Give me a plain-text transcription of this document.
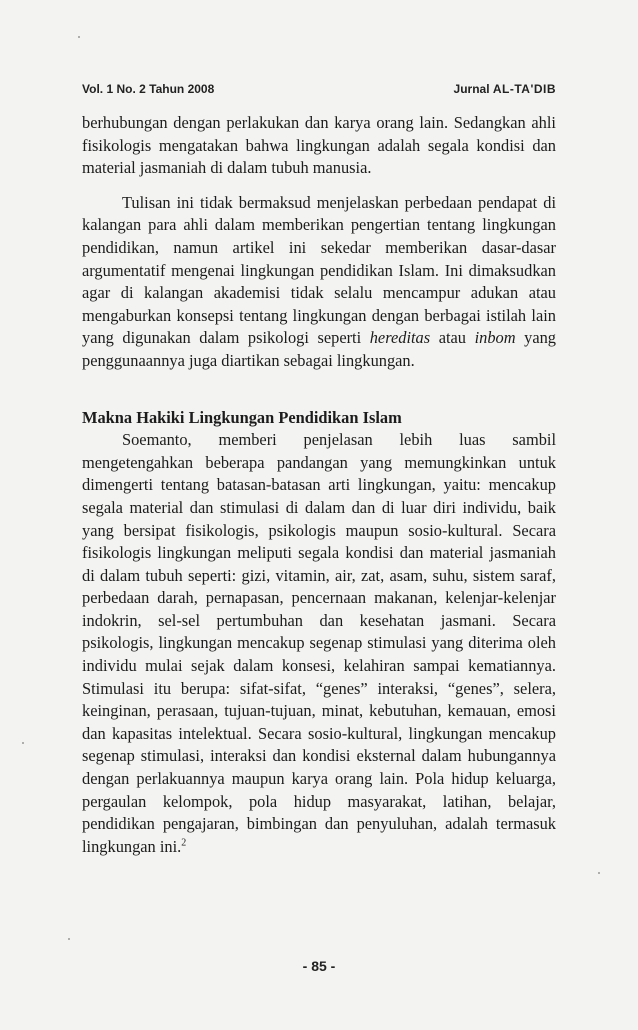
Vol. 1 No. 2 Tahun 2008	Jurnal AL-TA'DIB

berhubungan dengan perlakukan dan karya orang lain. Sedangkan ahli fisikologis mengatakan bahwa lingkungan adalah segala kondisi dan material jasmaniah di dalam tubuh manusia.

Tulisan ini tidak bermaksud menjelaskan perbedaan pendapat di kalangan para ahli dalam memberikan pengertian tentang lingkungan pendidikan, namun artikel ini sekedar memberikan dasar-dasar argumentatif mengenai lingkungan pendidikan Islam. Ini dimaksudkan agar di kalangan akademisi tidak selalu mencampur adukan atau mengaburkan konsepsi tentang lingkungan dengan berbagai istilah lain yang digunakan dalam psikologi seperti hereditas atau inbom yang penggunaannya juga diartikan sebagai lingkungan.

Makna Hakiki Lingkungan Pendidikan Islam

Soemanto, memberi penjelasan lebih luas sambil mengetengahkan beberapa pandangan yang memungkinkan untuk dimengerti tentang batasan-batasan arti lingkungan, yaitu: mencakup segala material dan stimulasi di dalam dan di luar diri individu, baik yang bersipat fisikologis, psikologis maupun sosio-kultural. Secara fisikologis lingkungan meliputi segala kondisi dan material jasmaniah di dalam tubuh seperti: gizi, vitamin, air, zat, asam, suhu, sistem saraf, perbedaan darah, pernapasan, pencernaan makanan, kelenjar-kelenjar indokrin, sel-sel pertumbuhan dan kesehatan jasmani. Secara psikologis, lingkungan mencakup segenap stimulasi yang diterima oleh individu mulai sejak dalam konsesi, kelahiran sampai kematiannya. Stimulasi itu berupa: sifat-sifat, “genes” interaksi, “genes”, selera, keinginan, perasaan, tujuan-tujuan, minat, kebutuhan, kemauan, emosi dan kapasitas intelektual. Secara sosio-kultural, lingkungan mencakup segenap stimulasi, interaksi dan kondisi eksternal dalam hubungannya dengan perlakuannya maupun karya orang lain. Pola hidup keluarga, pergaulan kelompok, pola hidup masyarakat, latihan, belajar, pendidikan pengajaran, bimbingan dan penyuluhan, adalah termasuk lingkungan ini.$^2$

- 85 -
